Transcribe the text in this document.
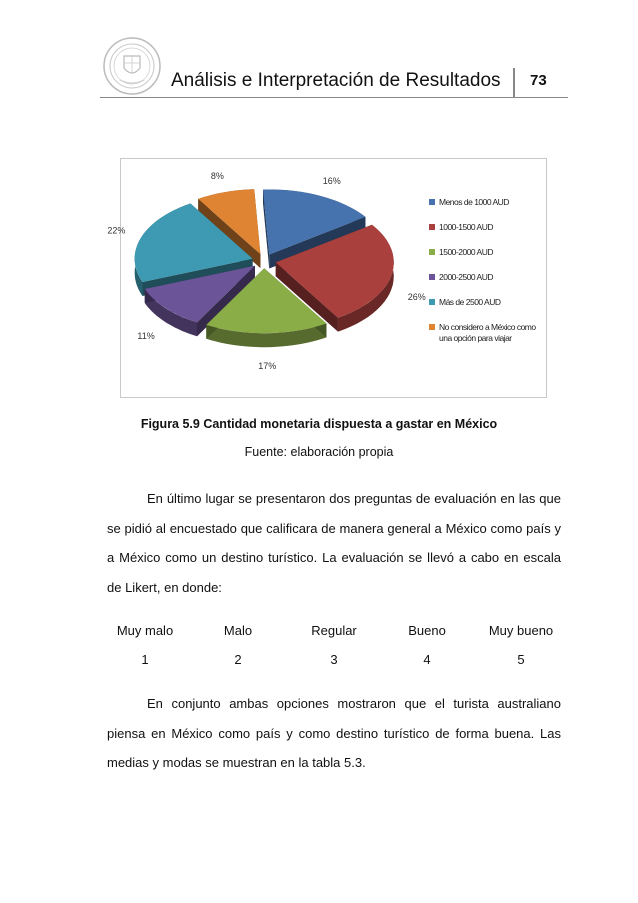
Análisis e Interpretación de Resultados 73
16%
26%
17%
11%
22%
8%
Menos de 1000 AUD
1000-1500 AUD
1500-2000 AUD
2000-2500 AUD
Más de 2500 AUD
No considero a México como
una opción para viajar
Figura 5.9 Cantidad monetaria dispuesta a gastar en México
Fuente: elaboración propia
En último lugar se presentaron dos preguntas de evaluación en las que se pidió al encuestado que calificara de manera general a México como país y a México como un destino turístico. La evaluación se llevó a cabo en escala de Likert, en donde:
Muy malo	Malo	Regular	Bueno	Muy bueno
1	2	3	4	5
En conjunto ambas opciones mostraron que el turista australiano piensa en México como país y como destino turístico de forma buena. Las medias y modas se muestran en la tabla 5.3.
